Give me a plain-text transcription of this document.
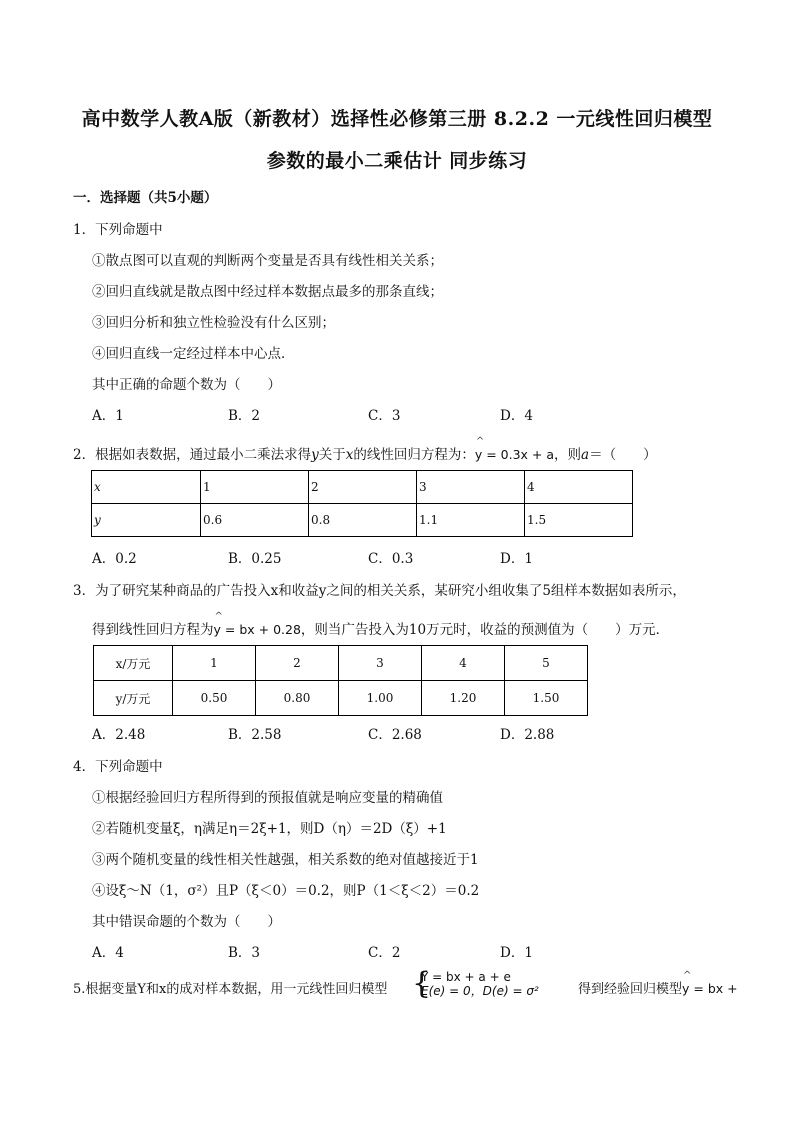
高中数学人教A版（新教材）选择性必修第三册 8.2.2 一元线性回归模型
参数的最小二乘估计 同步练习
一．选择题（共5小题）
1．下列命题中
①散点图可以直观的判断两个变量是否具有线性相关关系；
②回归直线就是散点图中经过样本数据点最多的那条直线；
③回归分析和独立性检验没有什么区别；
④回归直线一定经过样本中心点．
其中正确的命题个数为（　　）
A．1	B．2	C．3	D．4
2．根据如表数据，通过最小二乘法求得y关于x的线性回归方程为：^ y = 0.3x + a，则a＝（　　）
x	1	2	3	4
y	0.6	0.8	1.1	1.5
A．0.2	B．0.25	C．0.3	D．1
3．为了研究某种商品的广告投入x和收益y之间的相关关系，某研究小组收集了5组样本数据如表所示，
得到线性回归方程为^ y = bx + 0.28，则当广告投入为10万元时，收益的预测值为（　　）万元．
x/万元	1	2	3	4	5
y/万元	0.50	0.80	1.00	1.20	1.50
A．2.48	B．2.58	C．2.68	D．2.88
4．下列命题中
①根据经验回归方程所得到的预报值就是响应变量的精确值
②若随机变量ξ，η满足η＝2ξ+1，则D（η）＝2D（ξ）+1
③两个随机变量的线性相关性越强，相关系数的绝对值越接近于1
④设ξ～N（1，σ²）且P（ξ＜0）＝0.2，则P（1＜ξ＜2）＝0.2
其中错误命题的个数为（　　）
A．4	B．3	C．2	D．1
5.根据变量Y和x的成对样本数据，用一元线性回归模型 {
Y = bx + a + e
E(e) = 0，D(e) = σ²	得到经验回归模型^ y = bx +
